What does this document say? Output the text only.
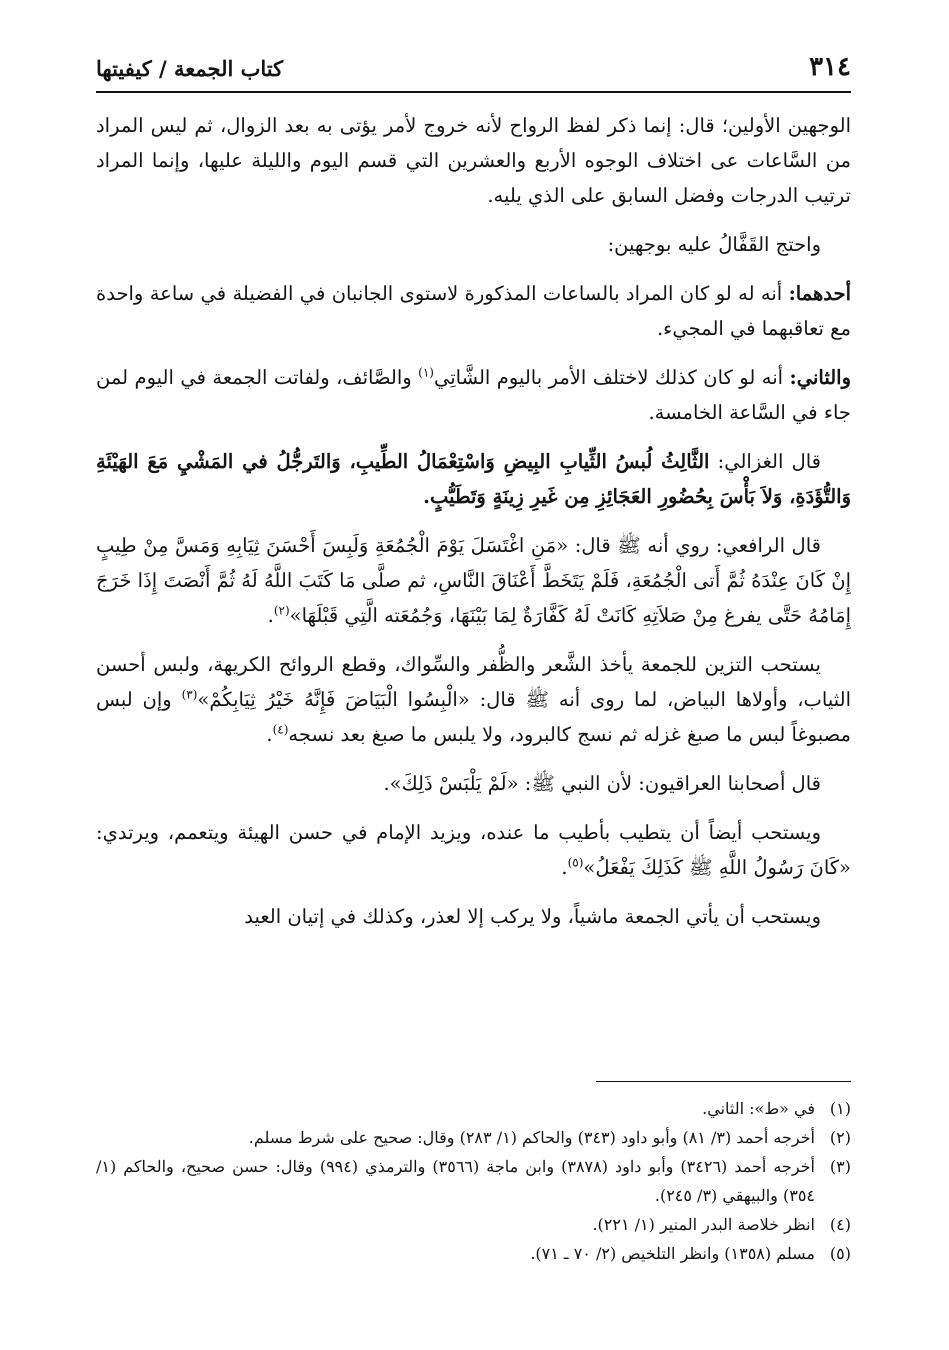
٣١٤
كتاب الجمعة / كيفيتها

الوجهين الأولين؛ قال: إنما ذكر لفظ الرواح لأنه خروج لأمر يؤتى به بعد الزوال، ثم ليس المراد من السَّاعات عى اختلاف الوجوه الأربع والعشرين التي قسم اليوم والليلة عليها، وإنما المراد ترتيب الدرجات وفضل السابق على الذي يليه.

واحتج القَفَّالُ عليه بوجهين:

أحدهما: أنه له لو كان المراد بالساعات المذكورة لاستوى الجانبان في الفضيلة في ساعة واحدة مع تعاقبهما في المجيء.

والثاني: أنه لو كان كذلك لاختلف الأمر باليوم الشَّاتِي$^{(١)}$ والصَّائف، ولفاتت الجمعة في اليوم لمن جاء في السَّاعة الخامسة.

قال الغزالي: الثَّالِثُ لُبسُ الثِّيابِ البِيضِ وَاسْتِعْمَالُ الطِّيبِ، وَالتَرجُّلُ في المَشْيِ مَعَ الهَيْئَةِ وَالتُّؤَدَةِ، وَلاَ بَأْسَ بِحُضُورِ العَجَائِزِ مِن غَيرِ زِينَةٍ وَتَطَيُّبٍ.

قال الرافعي: روي أنه ﷺ قال: «مَنِ اغْتَسَلَ يَوْمَ الْجُمُعَةِ وَلَبِسَ أَحْسَنَ ثِيَابِهِ وَمَسَّ مِنْ طِيبٍ إِنْ كَانَ عِنْدَهُ ثُمَّ أَتى الْجُمُعَةِ، فَلَمْ يَتَخَطَّ أَعْنَاقَ النَّاسِ، ثم صلَّى مَا كَتَبَ اللَّهُ لَهُ ثُمَّ أَنْصَتَ إِذَا خَرَجَ إِمَامُهُ حَتَّى يفرغ مِنْ صَلاَتِهِ كَانَتْ لَهُ كَفَّارَةٌ لِمَا بَيْنَهَا، وَجُمُعَته الَّتِي قَبْلَهَا»$^{(٢)}$.

يستحب التزين للجمعة يأخذ الشَّعر والظُّفر والسِّواك، وقطع الروائح الكريهة، ولبس أحسن الثياب، وأولاها البياض، لما روى أنه ﷺ قال: «الْبِسُوا الْبَيَاضَ فَإِنَّهُ خَيْرُ ثِيَابِكُمْ»$^{(٣)}$ وإن لبس مصبوغاً لبس ما صبغ غزله ثم نسج كالبرود، ولا يلبس ما صبغ بعد نسجه$^{(٤)}$.

قال أصحابنا العراقيون: لأن النبي ﷺ: «لَمْ يَلْبَسْ ذَلِكَ».

ويستحب أيضاً أن يتطيب بأطيب ما عنده، ويزيد الإمام في حسن الهيئة ويتعمم، ويرتدي: «كَانَ رَسُولُ اللَّهِ ﷺ كَذَلِكَ يَفْعَلُ»$^{(٥)}$.

ويستحب أن يأتي الجمعة ماشياً، ولا يركب إلا لعذر، وكذلك في إتيان العيد

(١)
في «ط»: الثاني.
(٢)
أخرجه أحمد (٣/ ٨١) وأبو داود (٣٤٣) والحاكم (١/ ٢٨٣) وقال: صحيح على شرط مسلم.
(٣)
أخرجه أحمد (٣٤٢٦) وأبو داود (٣٨٧٨) وابن ماجة (٣٥٦٦) والترمذي (٩٩٤) وقال: حسن صحيح، والحاكم (١/ ٣٥٤) والبيهقي (٣/ ٢٤٥).
(٤)
انظر خلاصة البدر المنير (١/ ٢٢١).
(٥)
مسلم (١٣٥٨) وانظر التلخيص (٢/ ٧٠ ـ ٧١).
